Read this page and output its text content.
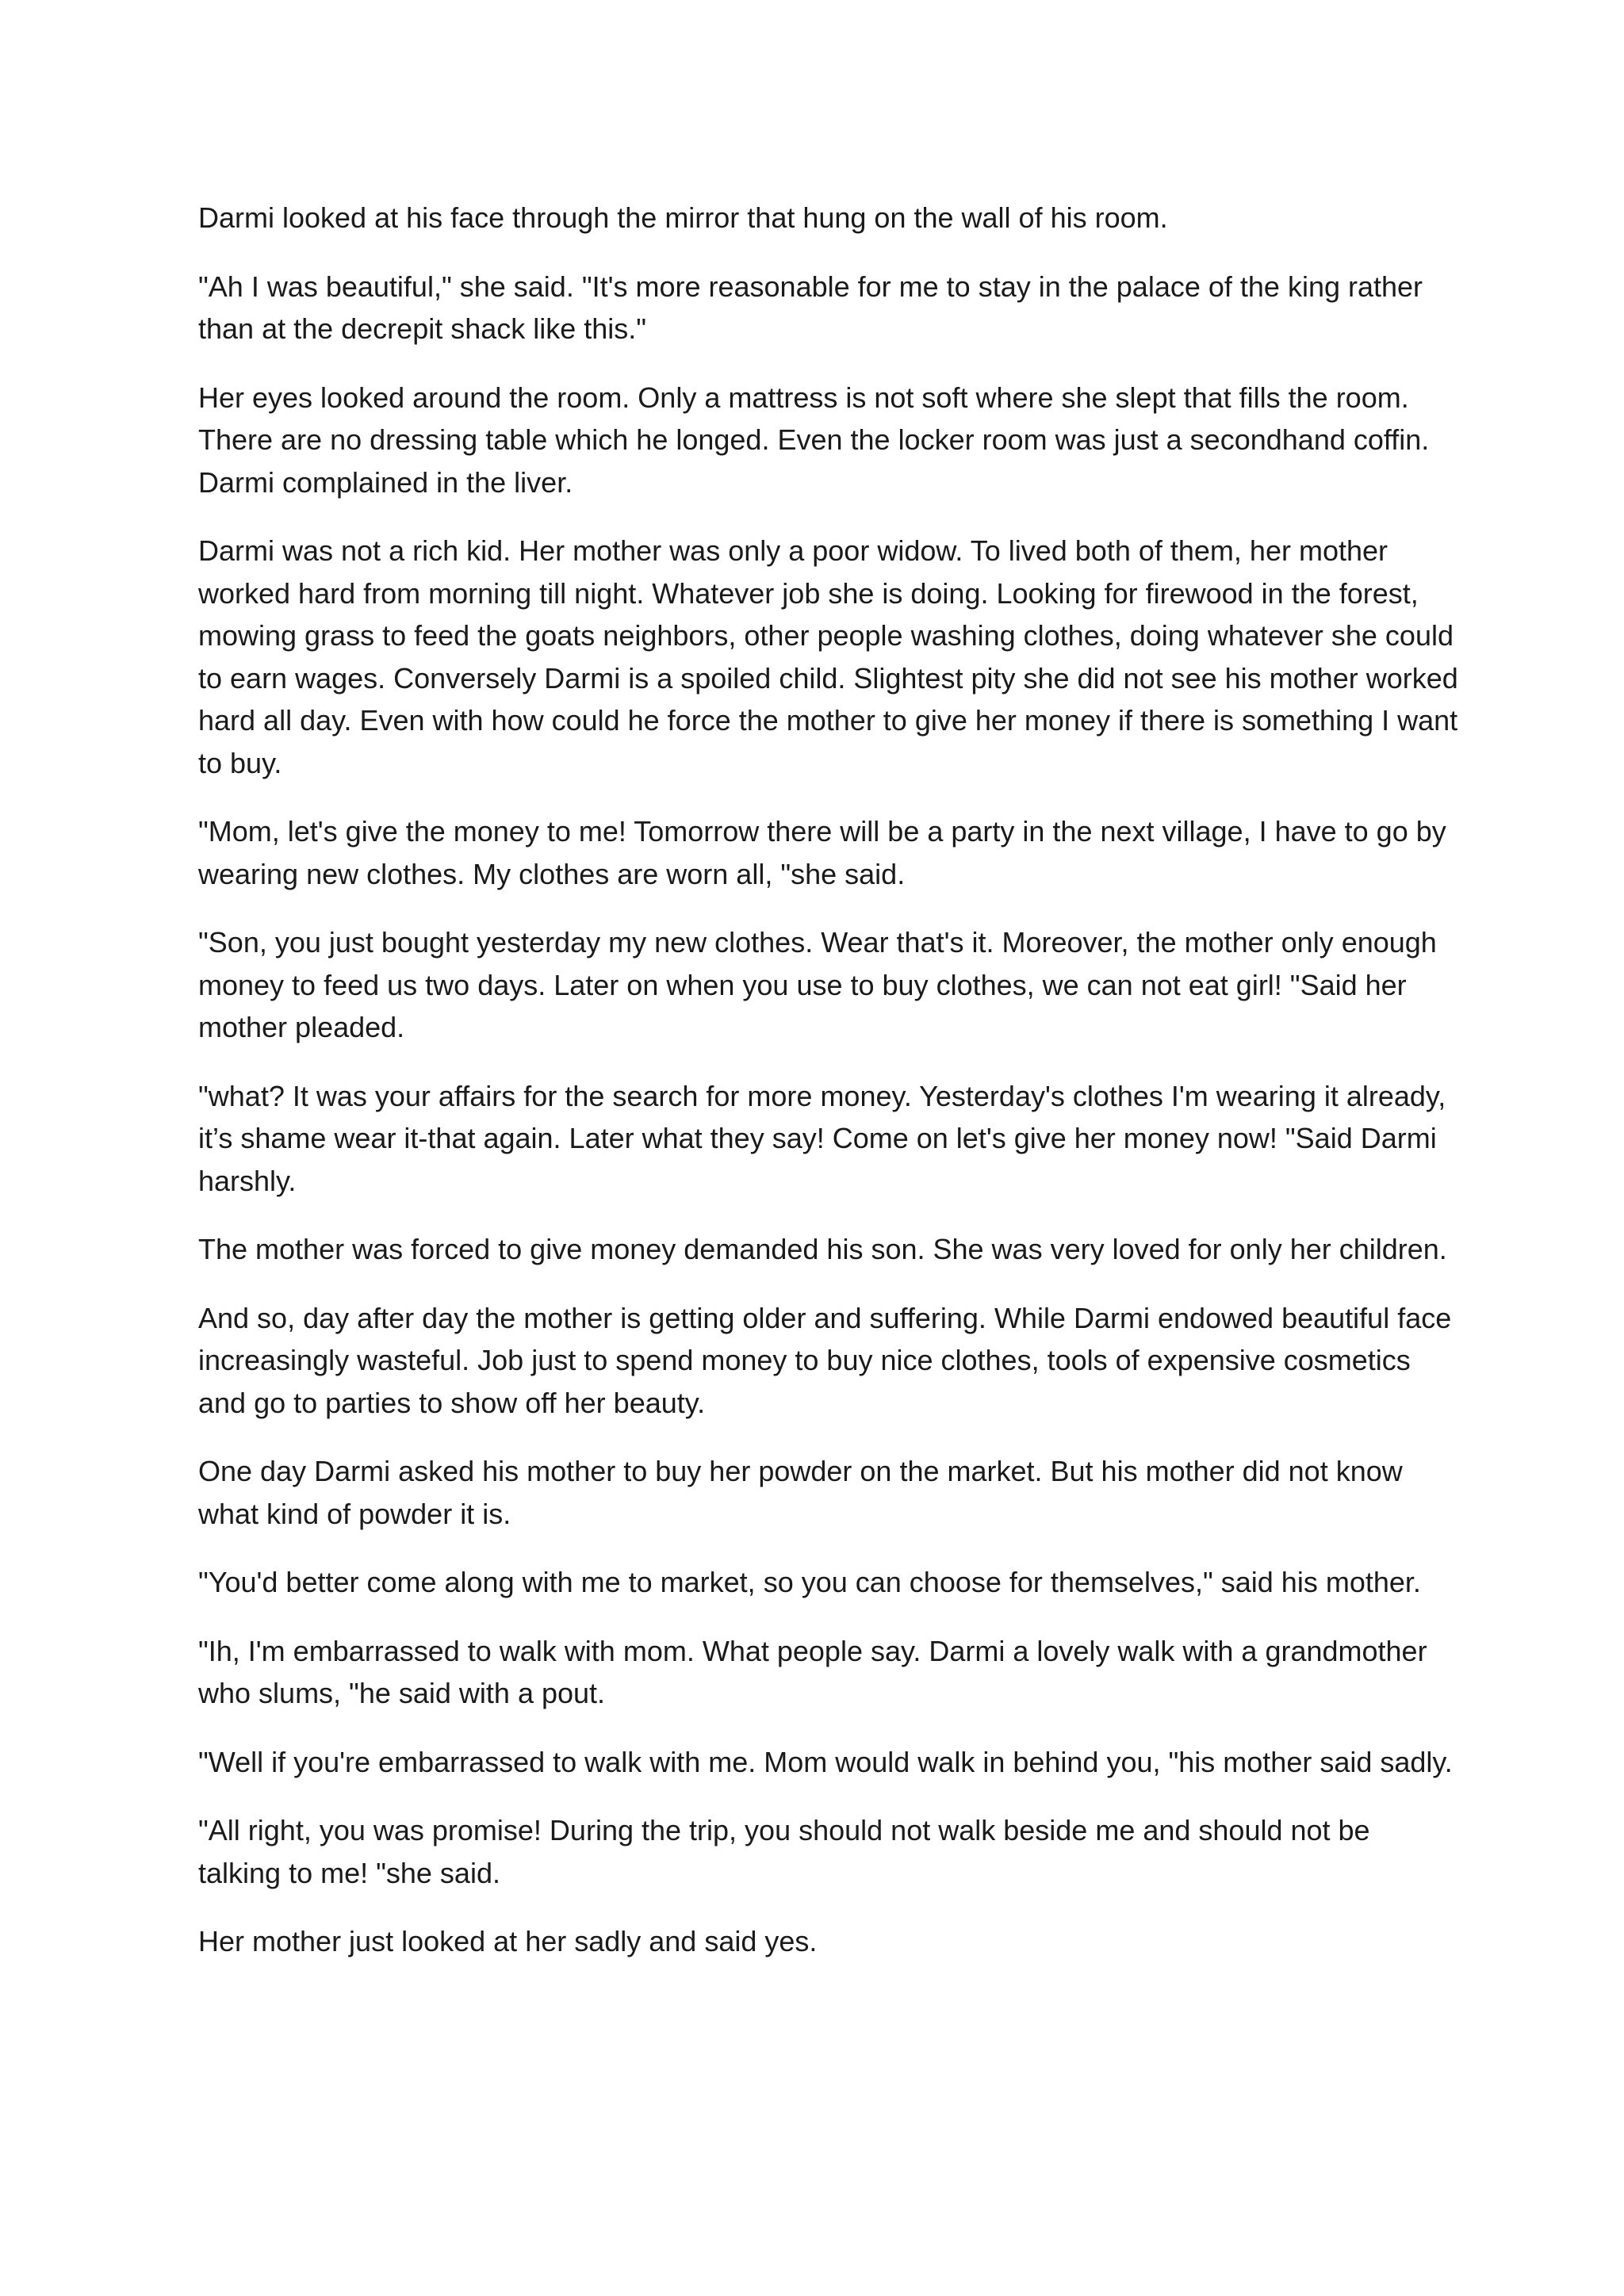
Darmi looked at his face through the mirror that hung on the wall of his room.

"Ah I was beautiful," she said. "It's more reasonable for me to stay in the palace of the king rather than at the decrepit shack like this."

Her eyes looked around the room. Only a mattress is not soft where she slept that fills the room. There are no dressing table which he longed. Even the locker room was just a secondhand coffin. Darmi complained in the liver.

Darmi was not a rich kid. Her mother was only a poor widow. To lived both of them, her mother worked hard from morning till night. Whatever job she is doing. Looking for firewood in the forest, mowing grass to feed the goats neighbors, other people washing clothes, doing whatever she could to earn wages. Conversely Darmi is a spoiled child. Slightest pity she did not see his mother worked hard all day. Even with how could he force the mother to give her money if there is something I want to buy.

"Mom, let's give the money to me! Tomorrow there will be a party in the next village, I have to go by wearing new clothes. My clothes are worn all, "she said.

"Son, you just bought yesterday my new clothes. Wear that's it. Moreover, the mother only enough money to feed us two days. Later on when you use to buy clothes, we can not eat girl! "Said her mother pleaded.

"what? It was your affairs for the search for more money. Yesterday's clothes I'm wearing it already, it’s shame wear it-that again. Later what they say! Come on let's give her money now! "Said Darmi harshly.

The mother was forced to give money demanded his son. She was very loved for only her children.

And so, day after day the mother is getting older and suffering. While Darmi endowed beautiful face increasingly wasteful. Job just to spend money to buy nice clothes, tools of expensive cosmetics and go to parties to show off her beauty.

One day Darmi asked his mother to buy her powder on the market. But his mother did not know what kind of powder it is.

"You'd better come along with me to market, so you can choose for themselves," said his mother.

"Ih, I'm embarrassed to walk with mom. What people say. Darmi a lovely walk with a grandmother who slums, "he said with a pout.

"Well if you're embarrassed to walk with me. Mom would walk in behind you, "his mother said sadly.

"All right, you was promise! During the trip, you should not walk beside me and should not be talking to me! "she said.

Her mother just looked at her sadly and said yes.
